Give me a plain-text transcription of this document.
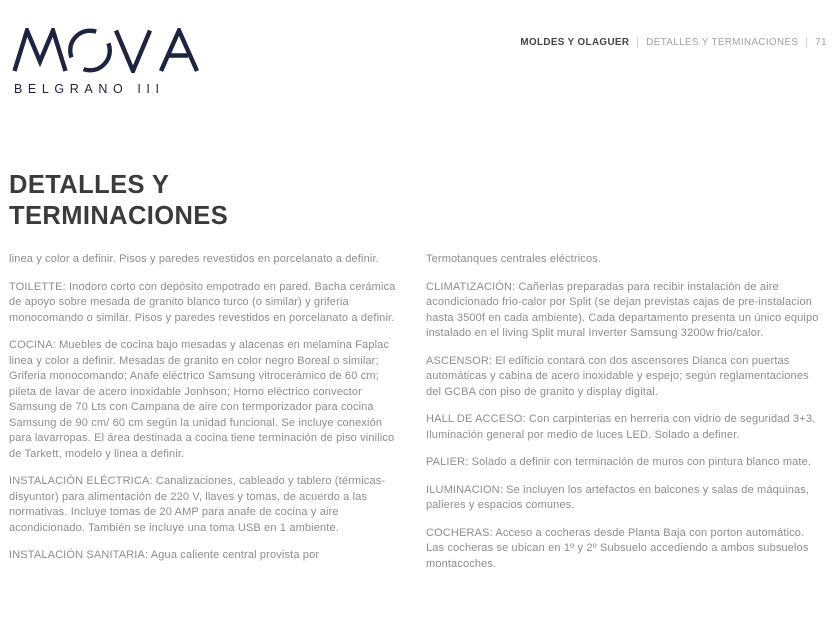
BELGRANO III
MOLDES Y OLAGUER | DETALLES Y TERMINACIONES | 71
DETALLES Y TERMINACIONES

linea y color a definir. Pisos y paredes revestidos en porcelanato a definir.

TOILETTE: Inodoro corto con depósito empotrado en pared. Bacha cerámica de apoyo sobre mesada de granito blanco turco (o similar) y griferia monocomando o similar. Pisos y paredes revestidos en porcelanato a definir.

COCINA: Muebles de cocina bajo mesadas y alacenas en melamina Faplac linea y color a definir. Mesadas de granito en color negro Boreal o similar; Griferia monocomando; Anafe eléctrico Samsung vitrocerámico de 60 cm; pileta de lavar de acero inoxidable Jonhson; Horno eléctrico convector Samsung de 70 Lts con Campana de aire con termporizador para cocina Samsung de 90 cm/ 60 cm según la unidad funcional. Se incluye conexión para lavarropas. El área destinada a cocina tiene terminación de piso vinilico de Tarkett, modelo y linea a definir.

INSTALACIÓN ELÉCTRICA: Canalizaciones, cableado y tablero (térmicas-disyuntor) para alimentación de 220 V, llaves y tomas, de acuerdo a las normativas. Incluye tomas de 20 AMP para anafe de cocina y aire acondicionado. También se incluye una toma USB en 1 ambiente.

INSTALACIÓN SANITARIA: Agua caliente central provista por

Termotanques centrales eléctricos.

CLIMATIZACIÓN: Cañerias preparadas para recibir instalación de aire acondicionado frio-calor por Split (se dejan previstas cajas de pre-instalacion hasta 3500f en cada ambiente). Cada departamento presenta un único equipo instalado en el living Split mural Inverter Samsung 3200w frio/calor.

ASCENSOR: El edificio contará con dos ascensores Dianca con puertas automáticas y cabina de acero inoxidable y espejo; según reglamentaciones del GCBA con piso de granito y display digital.

HALL DE ACCESO: Con carpinterias en herreria con vidrio de seguridad 3+3. Iluminación general por medio de luces LED. Solado a definer.

PALIER: Solado a definir con terminación de muros con pintura blanco mate.

ILUMINACION: Se incluyen los artefactos en balcones y salas de máquinas, palieres y espacios comunes.

COCHERAS: Acceso a cocheras desde Planta Baja con porton automático. Las cocheras se ubican en 1º y 2º Subsuelo accediendo a ambos subsuelos montacoches.
